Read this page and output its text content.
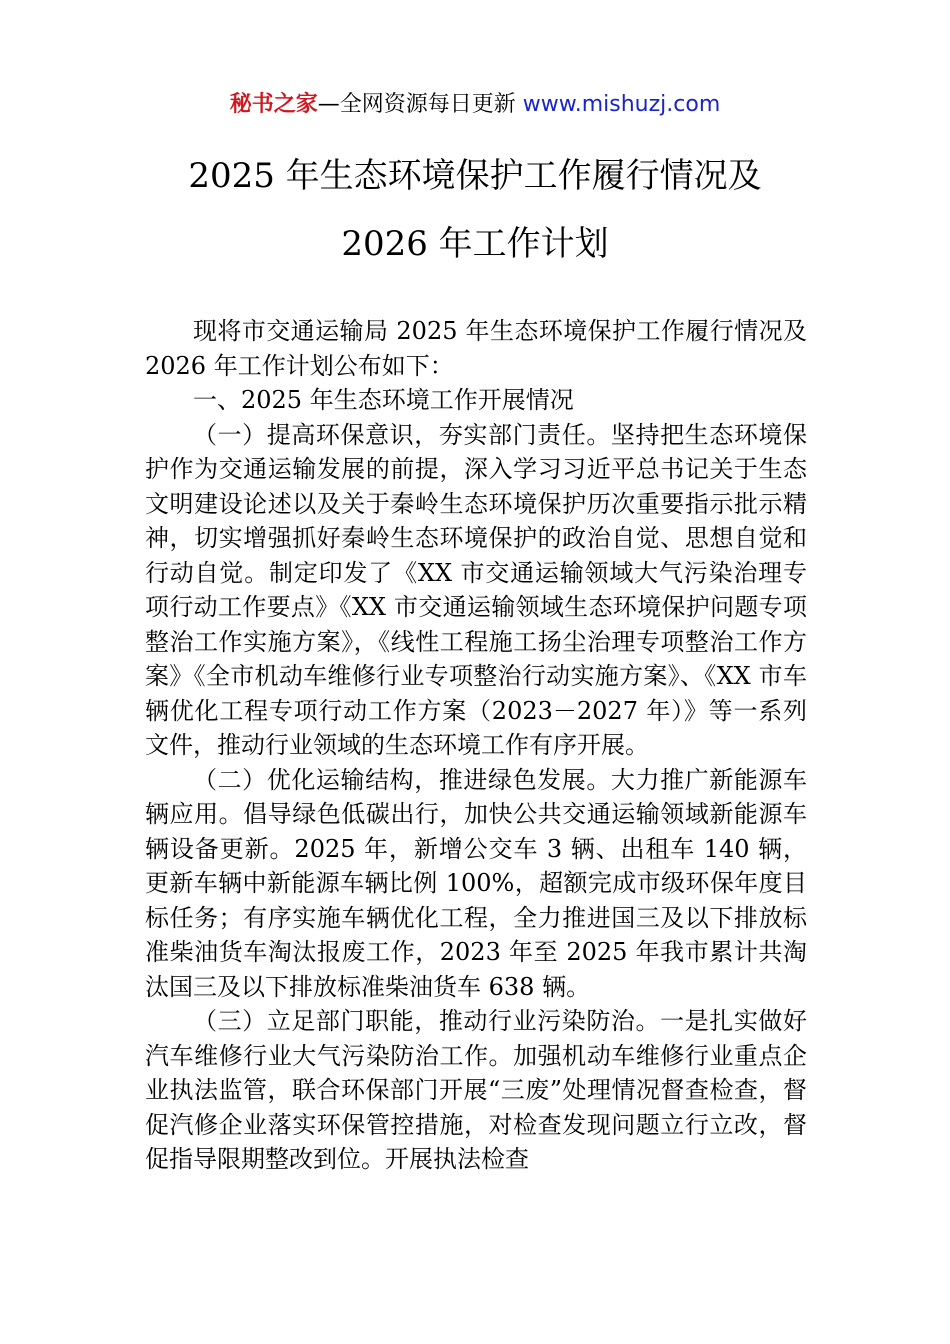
秘书之家—全网资源每日更新 www.mishuzj.com
2025 年生态环境保护工作履行情况及
2026 年工作计划

现将市交通运输局 2025 年生态环境保护工作履行情况及 2026 年工作计划公布如下：

一、2025 年生态环境工作开展情况

（一）提高环保意识，夯实部门责任。坚持把生态环境保护作为交通运输发展的前提，深入学习习近平总书记关于生态文明建设论述以及关于秦岭生态环境保护历次重要指示批示精神，切实增强抓好秦岭生态环境保护的政治自觉、思想自觉和行动自觉。制定印发了《XX 市交通运输领域大气污染治理专项行动工作要点》《XX 市交通运输领域生态环境保护问题专项整治工作实施方案》，《线性工程施工扬尘治理专项整治工作方案》《全市机动车维修行业专项整治行动实施方案》、《XX 市车辆优化工程专项行动工作方案（2023－2027 年）》等一系列文件，推动行业领域的生态环境工作有序开展。

（二）优化运输结构，推进绿色发展。大力推广新能源车辆应用。倡导绿色低碳出行，加快公共交通运输领域新能源车辆设备更新。2025 年，新增公交车 3 辆、出租车 140 辆，更新车辆中新能源车辆比例 100%，超额完成市级环保年度目标任务；有序实施车辆优化工程，全力推进国三及以下排放标准柴油货车淘汰报废工作，2023 年至 2025 年我市累计共淘汰国三及以下排放标准柴油货车 638 辆。

（三）立足部门职能，推动行业污染防治。一是扎实做好汽车维修行业大气污染防治工作。加强机动车维修行业重点企业执法监管，联合环保部门开展“三废”处理情况督查检查，督促汽修企业落实环保管控措施，对检查发现问题立行立改，督促指导限期整改到位。开展执法检查
